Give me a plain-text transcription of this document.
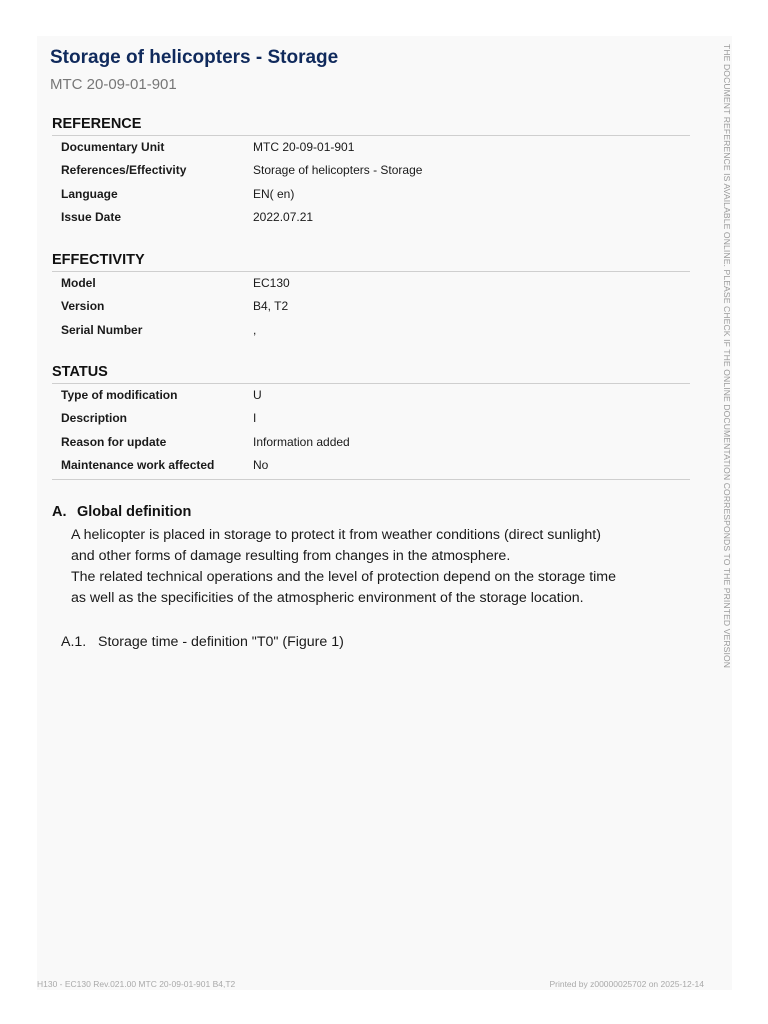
Storage of helicopters - Storage
MTC 20-09-01-901
REFERENCE
Documentary Unit	MTC 20-09-01-901
References/Effectivity	Storage of helicopters - Storage
Language	EN( en)
Issue Date	2022.07.21
EFFECTIVITY
Model	EC130
Version	B4, T2
Serial Number	,
STATUS
Type of modification	U
Description	I
Reason for update	Information added
Maintenance work affected	No
A. Global definition

A helicopter is placed in storage to protect it from weather conditions (direct sunlight)

and other forms of damage resulting from changes in the atmosphere.

The related technical operations and the level of protection depend on the storage time

as well as the specificities of the atmospheric environment of the storage location.

A.1. Storage time - definition "T0" (Figure 1)	THE DOCUMENT REFERENCE IS AVAILABLE ONLINE. PLEASE CHECK IF THE ONLINE DOCUMENTATION CORRESPONDS TO THE PRINTED VERSION
H130 - EC130 Rev.021.00 MTC 20-09-01-901 B4,T2	Printed by z00000025702 on 2025-12-14
